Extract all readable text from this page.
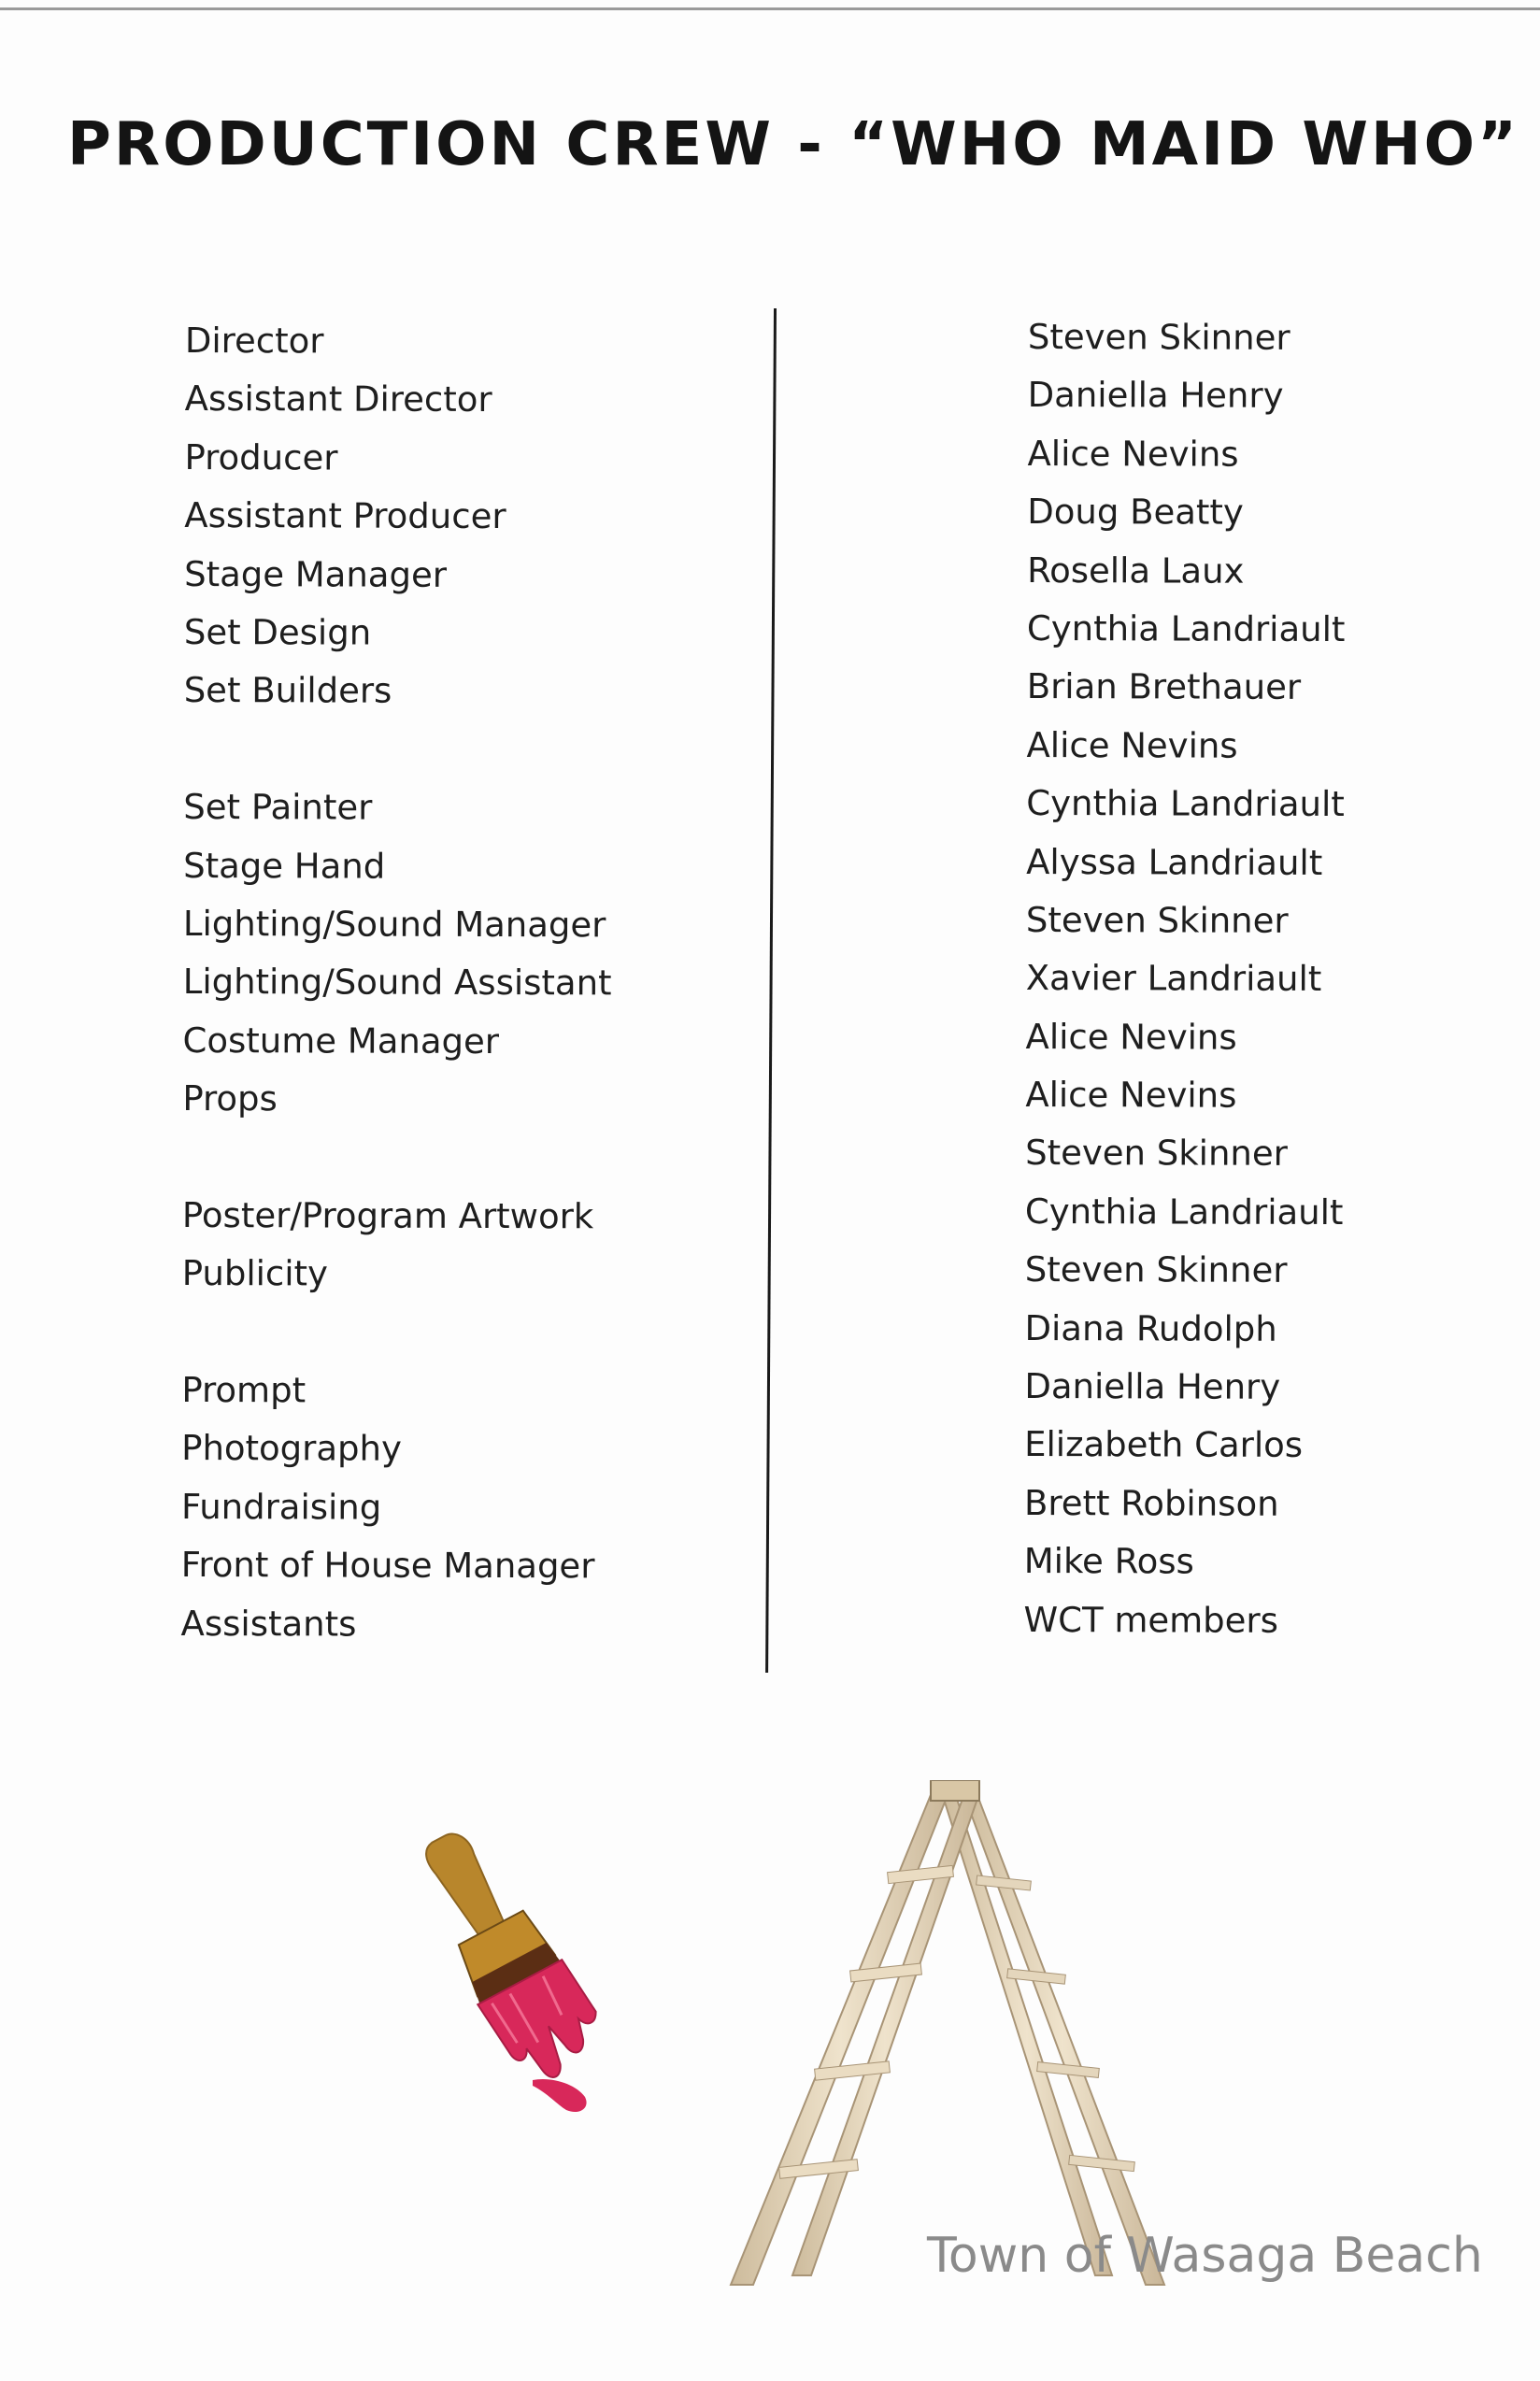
PRODUCTION CREW - “WHO MAID WHO”
Director
Assistant Director
Producer
Assistant Producer
Stage Manager
Set Design
Set Builders
Set Painter
Stage Hand
Lighting/Sound Manager
Lighting/Sound Assistant
Costume Manager
Props
Poster/Program Artwork
Publicity
Prompt
Photography
Fundraising
Front of House Manager
Assistants
Steven Skinner
Daniella Henry
Alice Nevins
Doug Beatty
Rosella Laux
Cynthia Landriault
Brian Brethauer
Alice Nevins
Cynthia Landriault
Alyssa Landriault
Steven Skinner
Xavier Landriault
Alice Nevins
Alice Nevins
Steven Skinner
Cynthia Landriault
Steven Skinner
Diana Rudolph
Daniella Henry
Elizabeth Carlos
Brett Robinson
Mike Ross
WCT members
Town of Wasaga Beach
